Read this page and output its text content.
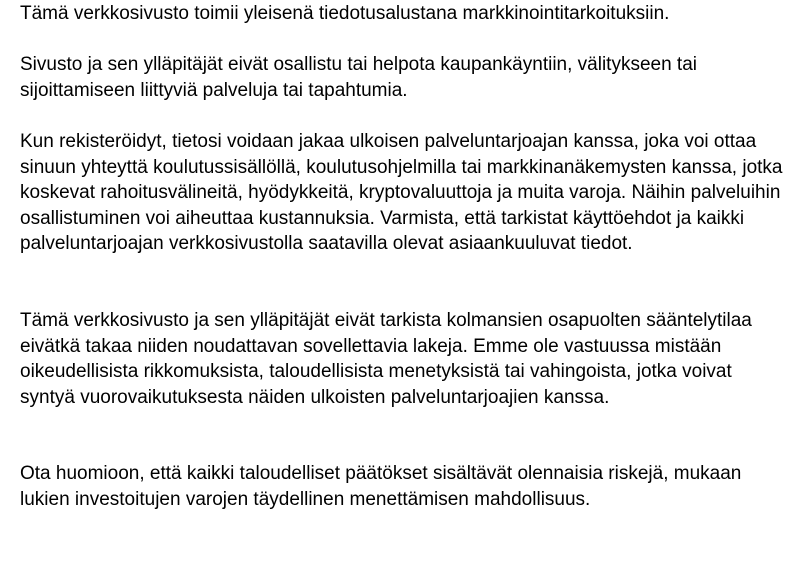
Tämä verkkosivusto toimii yleisenä tiedotusalustana markkinointitarkoituksiin.

Sivusto ja sen ylläpitäjät eivät osallistu tai helpota kaupankäyntiin, välitykseen tai sijoittamiseen liittyviä palveluja tai tapahtumia.

Kun rekisteröidyt, tietosi voidaan jakaa ulkoisen palveluntarjoajan kanssa, joka voi ottaa sinuun yhteyttä koulutussisällöllä, koulutusohjelmilla tai markkinanäkemysten kanssa, jotka koskevat rahoitusvälineitä, hyödykkeitä, kryptovaluuttoja ja muita varoja. Näihin palveluihin osallistuminen voi aiheuttaa kustannuksia. Varmista, että tarkistat käyttöehdot ja kaikki palveluntarjoajan verkkosivustolla saatavilla olevat asiaankuuluvat tiedot.

Tämä verkkosivusto ja sen ylläpitäjät eivät tarkista kolmansien osapuolten sääntelytilaa eivätkä takaa niiden noudattavan sovellettavia lakeja. Emme ole vastuussa mistään oikeudellisista rikkomuksista, taloudellisista menetyksistä tai vahingoista, jotka voivat syntyä vuorovaikutuksesta näiden ulkoisten palveluntarjoajien kanssa.

Ota huomioon, että kaikki taloudelliset päätökset sisältävät olennaisia riskejä, mukaan lukien investoitujen varojen täydellinen menettämisen mahdollisuus.
